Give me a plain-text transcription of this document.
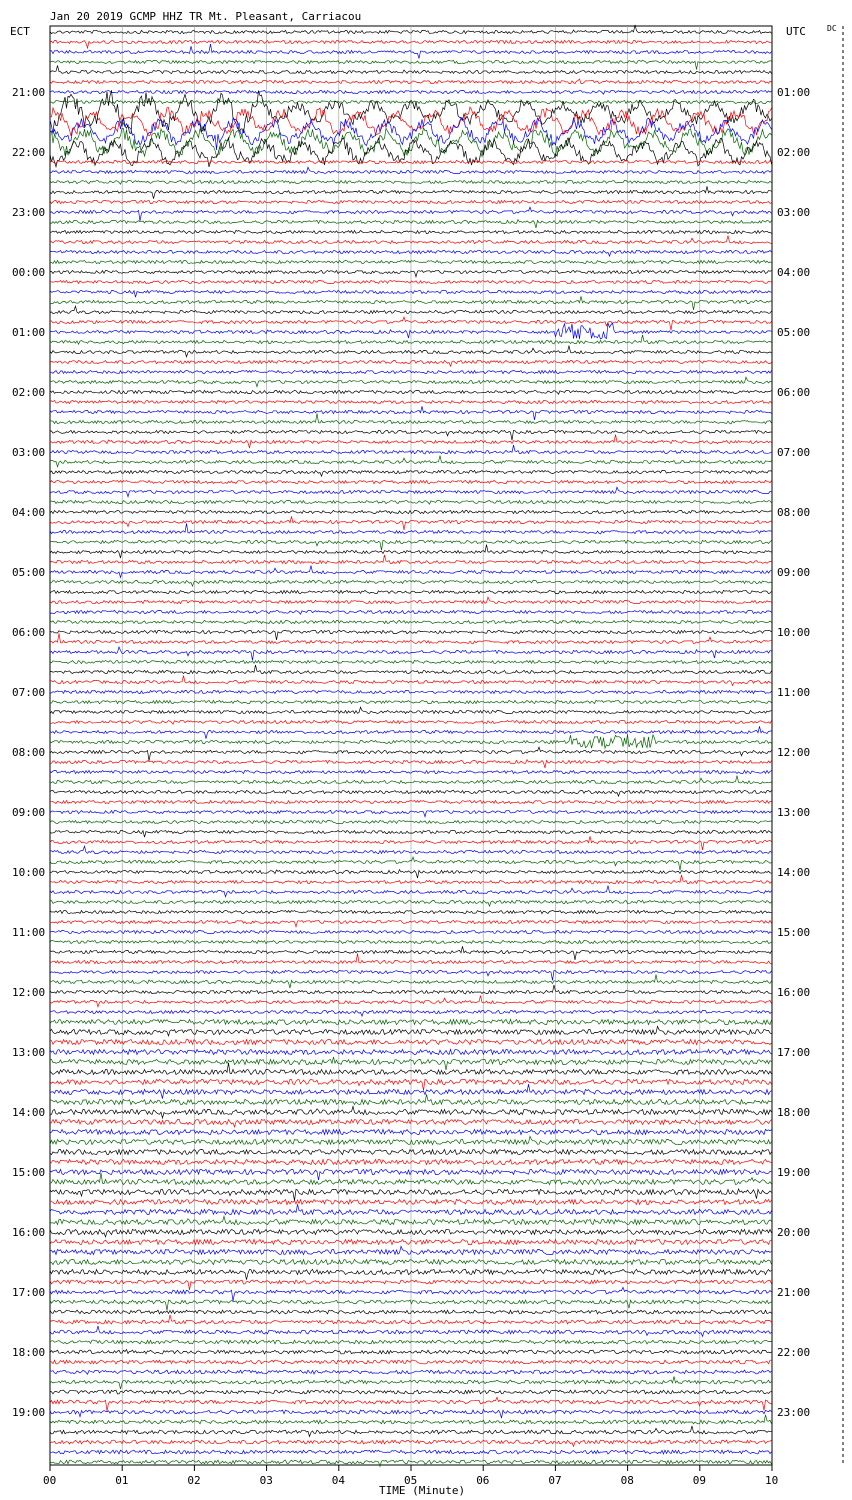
Jan 20 2019 GCMP HHZ TR Mt. Pleasant, Carriacou
ECT	UTC	DC
21:00
22:00
23:00
00:00
01:00
02:00
03:00
04:00
05:00
06:00
07:00
08:00
09:00
10:00
11:00
12:00
13:00
14:00
15:00
16:00
17:00
18:00
19:00
01:00
02:00
03:00
04:00
05:00
06:00
07:00
08:00
09:00
10:00
11:00
12:00
13:00
14:00
15:00
16:00
17:00
18:00
19:00
20:00
21:00
22:00
23:00
00	01	02	03	04	05	06	07	08	09	10
TIME (Minute)
